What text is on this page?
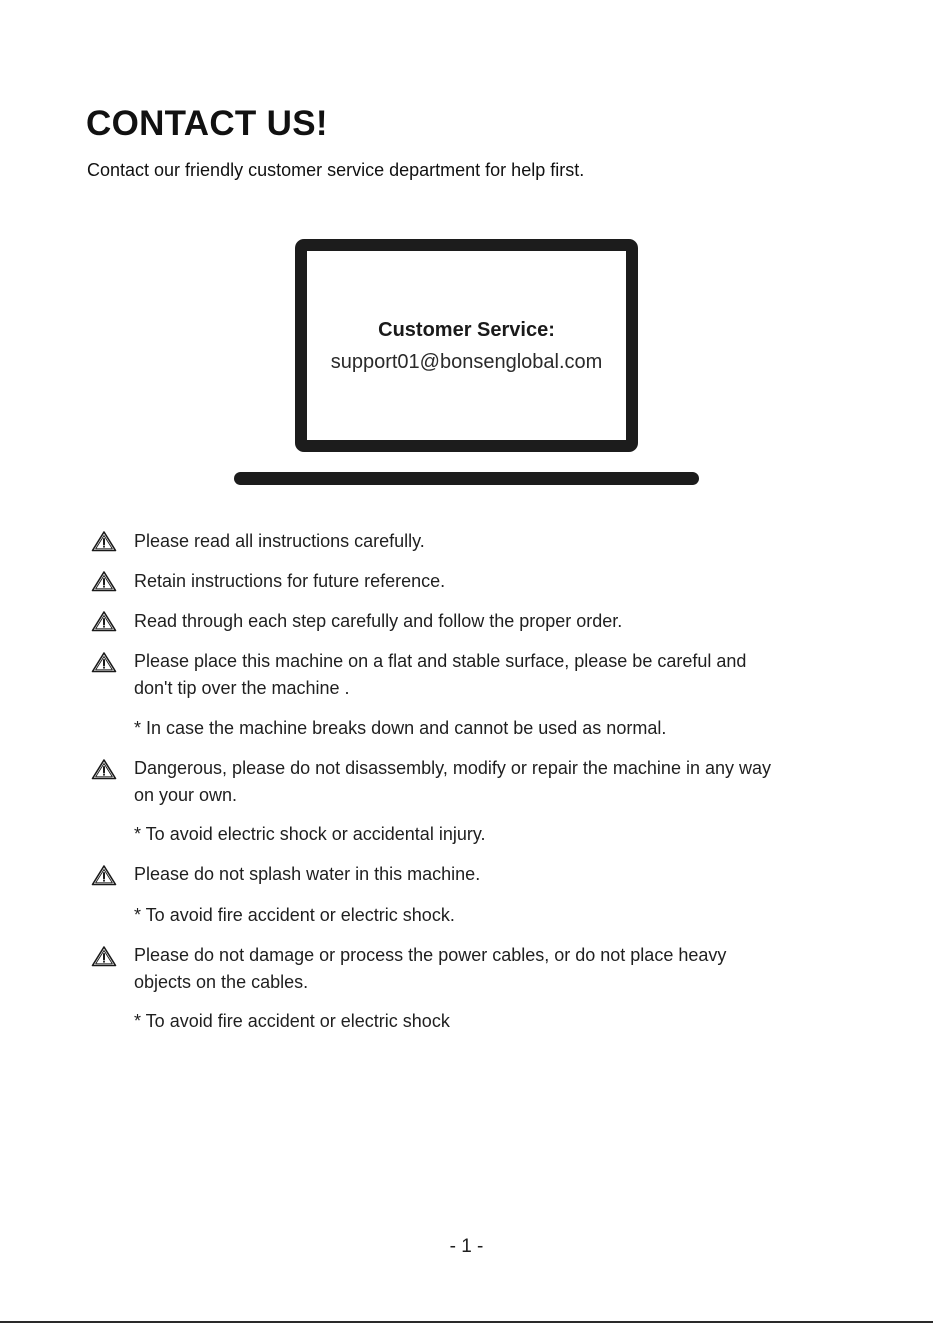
CONTACT US!

Contact our friendly customer service department for help first.

Customer Service:
support01@bonsenglobal.com
Please read all instructions carefully.
Retain instructions for future reference.
Read through each step carefully and follow the proper order.
Please place this machine on a flat and stable surface, please be careful and
don't tip over the machine .
* In case the machine breaks down and cannot be used as normal.
Dangerous, please do not disassembly, modify or repair the machine in any way
on your own.
* To avoid electric shock or accidental injury.
Please do not splash water in this machine.
* To avoid fire accident or electric shock.
Please do not damage or process the power cables, or do not place heavy
objects on the cables.
* To avoid fire accident or electric shock
- 1 -
